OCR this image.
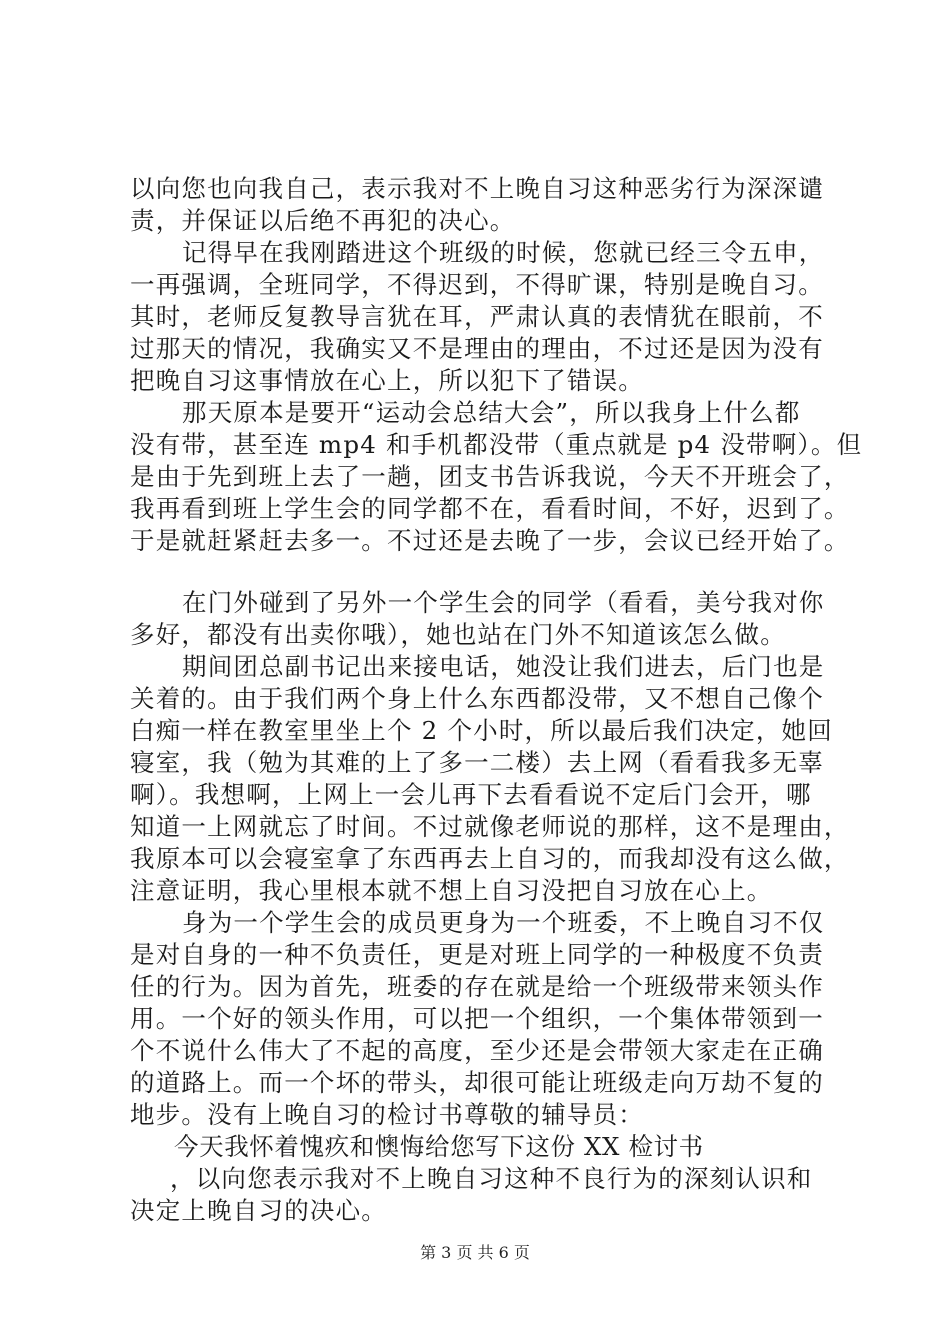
以向您也向我自己，表示我对不上晚自习这种恶劣行为深深谴
责，并保证以后绝不再犯的决心。
记得早在我刚踏进这个班级的时候，您就已经三令五申，
一再强调，全班同学，不得迟到，不得旷课，特别是晚自习。
其时，老师反复教导言犹在耳，严肃认真的表情犹在眼前，不
过那天的情况，我确实又不是理由的理由，不过还是因为没有
把晚自习这事情放在心上，所以犯下了错误。
那天原本是要开“运动会总结大会”，所以我身上什么都
没有带，甚至连 mp4 和手机都没带（重点就是 p4 没带啊）。但
是由于先到班上去了一趟，团支书告诉我说，今天不开班会了，
我再看到班上学生会的同学都不在，看看时间，不好，迟到了。
于是就赶紧赶去多一。不过还是去晚了一步，会议已经开始了。
在门外碰到了另外一个学生会的同学（看看，美兮我对你
多好，都没有出卖你哦），她也站在门外不知道该怎么做。
期间团总副书记出来接电话，她没让我们进去，后门也是
关着的。由于我们两个身上什么东西都没带，又不想自己像个
白痴一样在教室里坐上个 2 个小时，所以最后我们决定，她回
寝室，我（勉为其难的上了多一二楼）去上网（看看我多无辜
啊）。我想啊，上网上一会儿再下去看看说不定后门会开，哪
知道一上网就忘了时间。不过就像老师说的那样，这不是理由，
我原本可以会寝室拿了东西再去上自习的，而我却没有这么做，
注意证明，我心里根本就不想上自习没把自习放在心上。
身为一个学生会的成员更身为一个班委，不上晚自习不仅
是对自身的一种不负责任，更是对班上同学的一种极度不负责
任的行为。因为首先，班委的存在就是给一个班级带来领头作
用。一个好的领头作用，可以把一个组织，一个集体带领到一
个不说什么伟大了不起的高度，至少还是会带领大家走在正确
的道路上。而一个坏的带头，却很可能让班级走向万劫不复的
地步。没有上晚自习的检讨书尊敬的辅导员：
今天我怀着愧疚和懊悔给您写下这份 XX 检讨书
，以向您表示我对不上晚自习这种不良行为的深刻认识和
决定上晚自习的决心。
第 3 页 共 6 页
